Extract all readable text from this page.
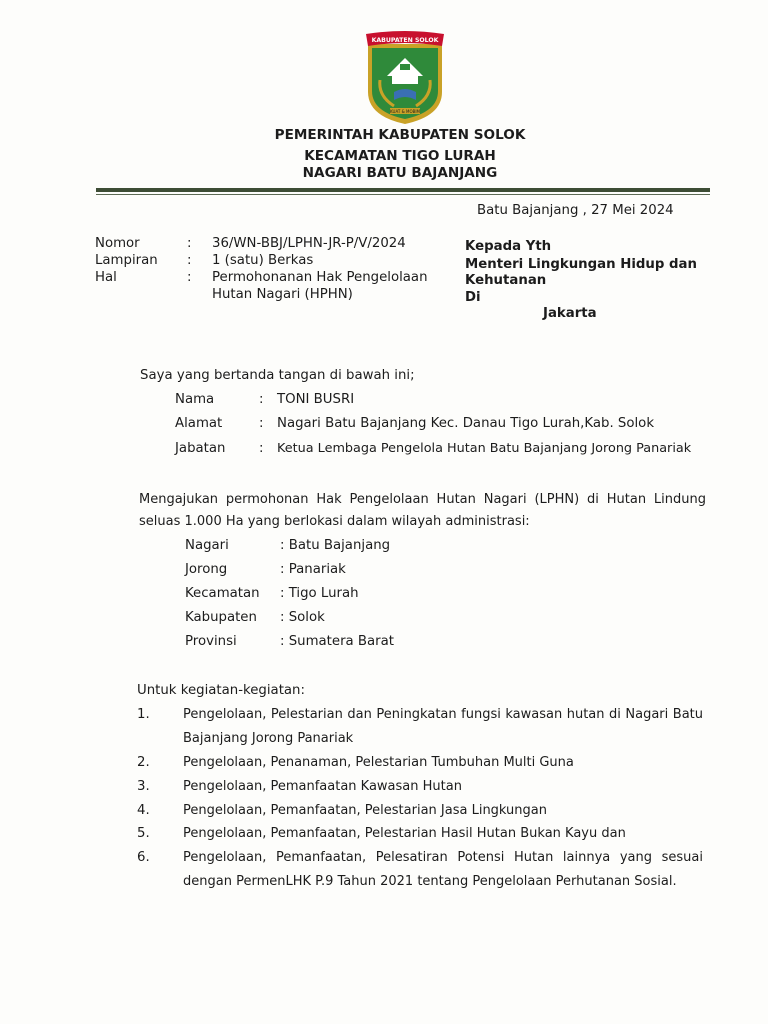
KABUPATEN SOLOK
KUAT & MOBIM
PEMERINTAH KABUPATEN SOLOK
KECAMATAN TIGO LURAH
NAGARI BATU BAJANJANG
Batu Bajanjang , 27 Mei 2024
Nomor	: 36/WN-BBJ/LPHN-JR-P/V/2024
Lampiran : 1 (satu) Berkas
Hal	: Permohonanan Hak Pengelolaan
Hutan Nagari (HPHN)
Kepada Yth
Menteri Lingkungan Hidup dan
Kehutanan
Di
Jakarta
Saya yang bertanda tangan di bawah ini;
Nama	: TONI BUSRI
Alamat	: Nagari Batu Bajanjang Kec. Danau Tigo Lurah,Kab. Solok
Jabatan	: Ketua Lembaga Pengelola Hutan Batu Bajanjang Jorong Panariak
Mengajukan permohonan Hak Pengelolaan Hutan Nagari (LPHN) di Hutan Lindung
seluas 1.000 Ha yang berlokasi dalam wilayah administrasi:
Nagari	: Batu Bajanjang
Jorong	: Panariak
Kecamatan : Tigo Lurah
Kabupaten : Solok
Provinsi	: Sumatera Barat
Untuk kegiatan-kegiatan:
1.	Pengelolaan, Pelestarian dan Peningkatan fungsi kawasan hutan di Nagari Batu
Bajanjang Jorong Panariak
2.	Pengelolaan, Penanaman, Pelestarian Tumbuhan Multi Guna
3.	Pengelolaan, Pemanfaatan Kawasan Hutan
4.	Pengelolaan, Pemanfaatan, Pelestarian Jasa Lingkungan
5.	Pengelolaan, Pemanfaatan, Pelestarian Hasil Hutan Bukan Kayu dan
6.	Pengelolaan, Pemanfaatan, Pelesatiran Potensi Hutan lainnya yang sesuai
dengan PermenLHK P.9 Tahun 2021 tentang Pengelolaan Perhutanan Sosial.
